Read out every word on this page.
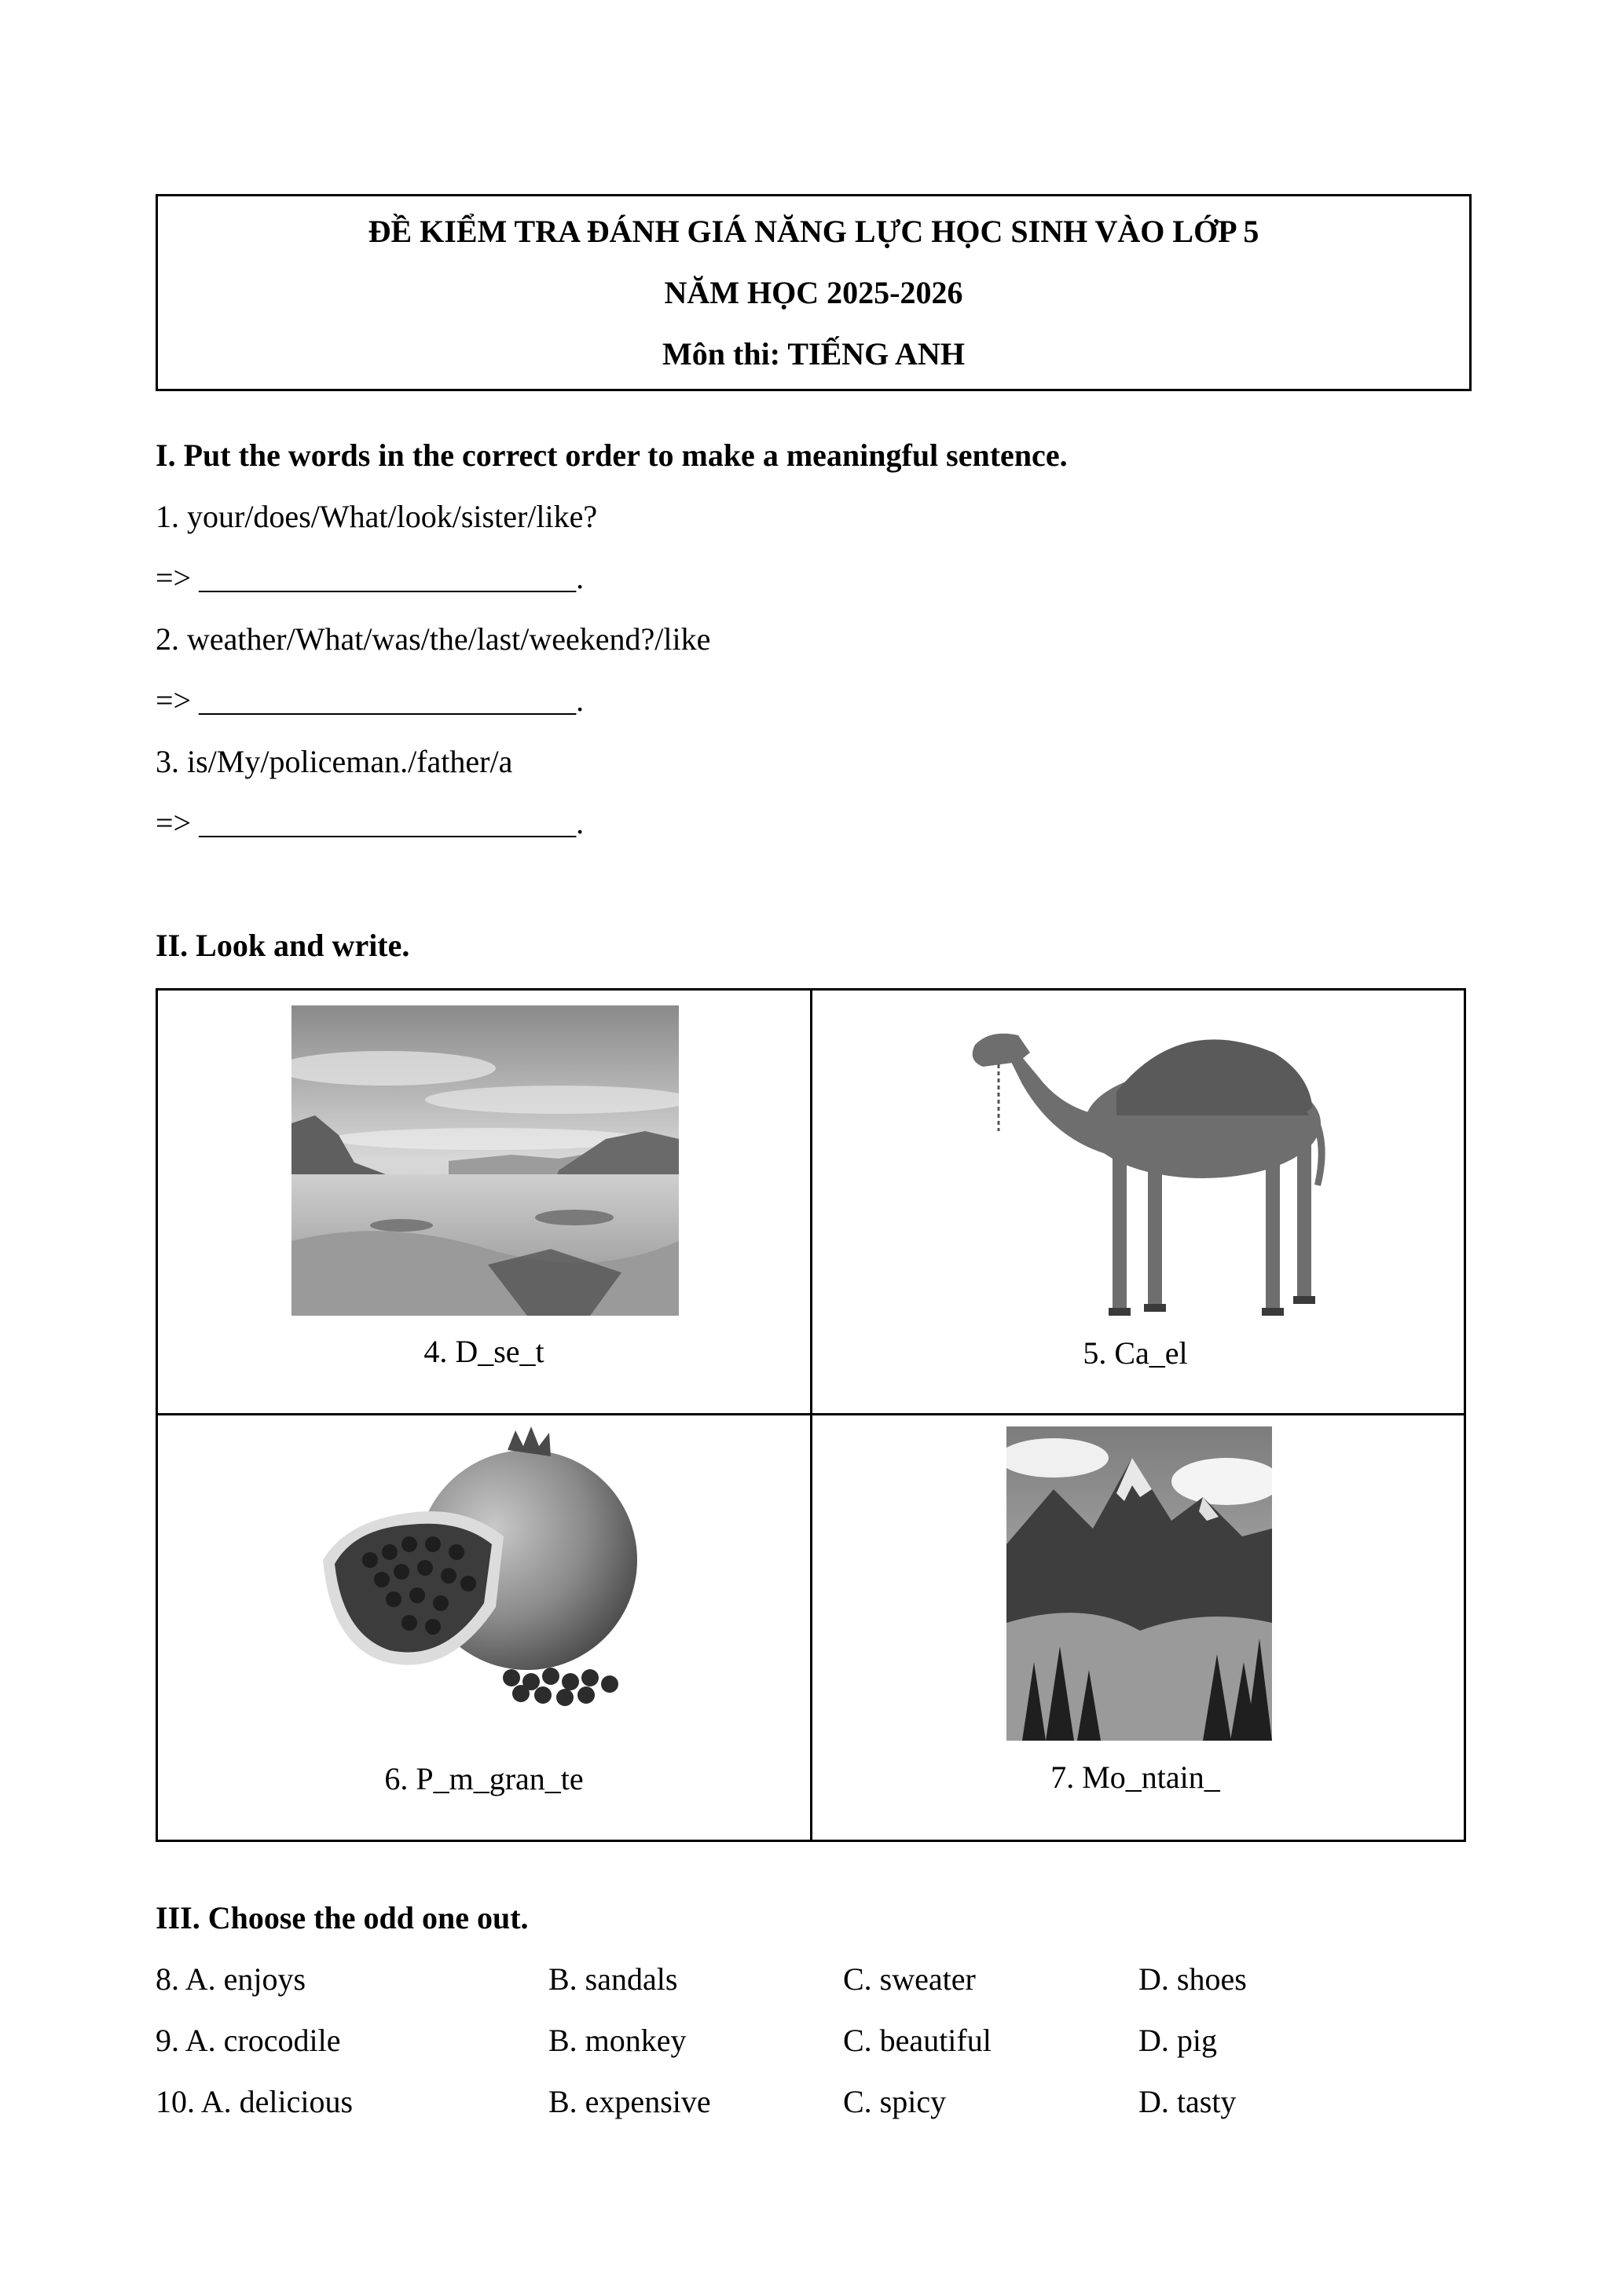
ĐỀ KIỂM TRA ĐÁNH GIÁ NĂNG LỰC HỌC SINH VÀO LỚP 5
NĂM HỌC 2025-2026
Môn thi: TIẾNG ANH
I. Put the words in the correct order to make a meaningful sentence.
1. your/does/What/look/sister/like?
=> ________________________.
2. weather/What/was/the/last/weekend?/like
=> ________________________.
3. is/My/policeman./father/a
=> ________________________.
II. Look and write.
4. D_se_t	5. Ca_el
6. P_m_gran_te	7. Mo_ntain_
III. Choose the odd one out.
8. A. enjoys	B. sandals	C. sweater	D. shoes
9. A. crocodile	B. monkey	C. beautiful	D. pig
10. A. delicious	B. expensive	C. spicy	D. tasty
